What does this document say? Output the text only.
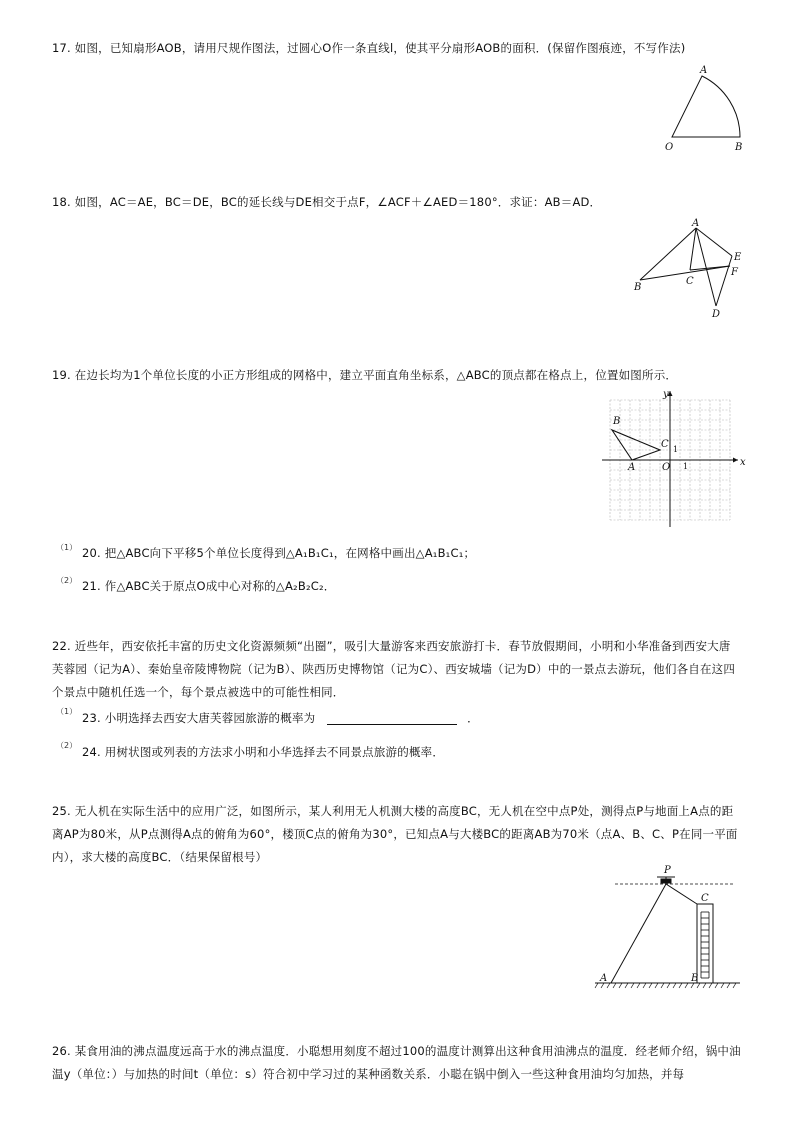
17. 如图，已知扇形AOB，请用尺规作图法，过圆心O作一条直线l，使其平分扇形AOB的面积．(保留作图痕迹，不写作法)
A
O	B
18. 如图，AC＝AE，BC＝DE，BC的延长线与DE相交于点F，∠ACF＋∠AED＝180°．求证：AB＝AD．
A
E
F
B
C
D
19. 在边长均为1个单位长度的小正方形组成的网格中，建立平面直角坐标系，△ABC的顶点都在格点上，位置如图所示．
y
x
B
C
A	O 1
1
（1） 20. 把△ABC向下平移5个单位长度得到△A₁B₁C₁，在网格中画出△A₁B₁C₁；
（2） 21. 作△ABC关于原点O成中心对称的△A₂B₂C₂．
22. 近些年，西安依托丰富的历史文化资源频频“出圈”，吸引大量游客来西安旅游打卡．春节放假期间，小明和小华准备到西安大唐芙蓉园（记为A）、秦始皇帝陵博物院（记为B）、陕西历史博物馆（记为C）、西安城墙（记为D）中的一景点去游玩，他们各自在这四个景点中随机任选一个，每个景点被选中的可能性相同．
（1） 23. 小明选择去西安大唐芙蓉园旅游的概率为	．
（2） 24. 用树状图或列表的方法求小明和小华选择去不同景点旅游的概率．
25. 无人机在实际生活中的应用广泛，如图所示，某人利用无人机测大楼的高度BC，无人机在空中点P处，测得点P与地面上A点的距离AP为80米，从P点测得A点的俯角为60°，楼顶C点的俯角为30°，已知点A与大楼BC的距离AB为70米（点A、B、C、P在同一平面内），求大楼的高度BC．（结果保留根号）
P
C
A	B
26. 某食用油的沸点温度远高于水的沸点温度．小聪想用刻度不超过100的温度计测算出这种食用油沸点的温度．经老师介绍，锅中油温y（单位：）与加热的时间t（单位：s）符合初中学习过的某种函数关系．小聪在锅中倒入一些这种食用油均匀加热，并每
